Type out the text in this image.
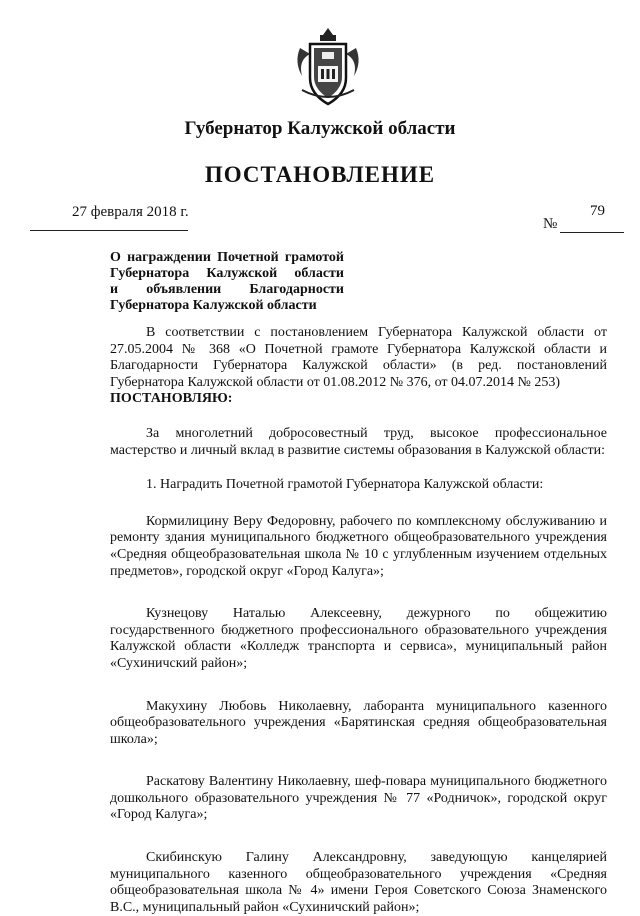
Губернатор Калужской области
ПОСТАНОВЛЕНИЕ
27 февраля 2018 г.	79
№
О награждении Почетной грамотой
Губернатора Калужской области
и объявлении Благодарности
Губернатора Калужской области

В соответствии с постановлением Губернатора Калужской области от 27.05.2004 № 368 «О Почетной грамоте Губернатора Калужской области и Благодарности Губернатора Калужской области» (в ред. постановлений Губернатора Калужской области от 01.08.2012 № 376, от 04.07.2014 № 253)

ПОСТАНОВЛЯЮ:

За многолетний добросовестный труд, высокое профессиональное мастерство и личный вклад в развитие системы образования в Калужской области:

1. Наградить Почетной грамотой Губернатора Калужской области:

Кормилицину Веру Федоровну, рабочего по комплексному обслуживанию и ремонту здания муниципального бюджетного общеобразовательного учреждения «Средняя общеобразовательная школа № 10 с углубленным изучением отдельных предметов», городской округ «Город Калуга»;

Кузнецову Наталью Алексеевну, дежурного по общежитию государственного бюджетного профессионального образовательного учреждения Калужской области «Колледж транспорта и сервиса», муниципальный район «Сухиничский район»;

Макухину Любовь Николаевну, лаборанта муниципального казенного общеобразовательного учреждения «Барятинская средняя общеобразовательная школа»;

Раскатову Валентину Николаевну, шеф-повара муниципального бюджетного дошкольного образовательного учреждения № 77 «Родничок», городской округ «Город Калуга»;

Скибинскую Галину Александровну, заведующую канцелярией муниципального казенного общеобразовательного учреждения «Средняя общеобразовательная школа № 4» имени Героя Советского Союза Знаменского В.С., муниципальный район «Сухиничский район»;
